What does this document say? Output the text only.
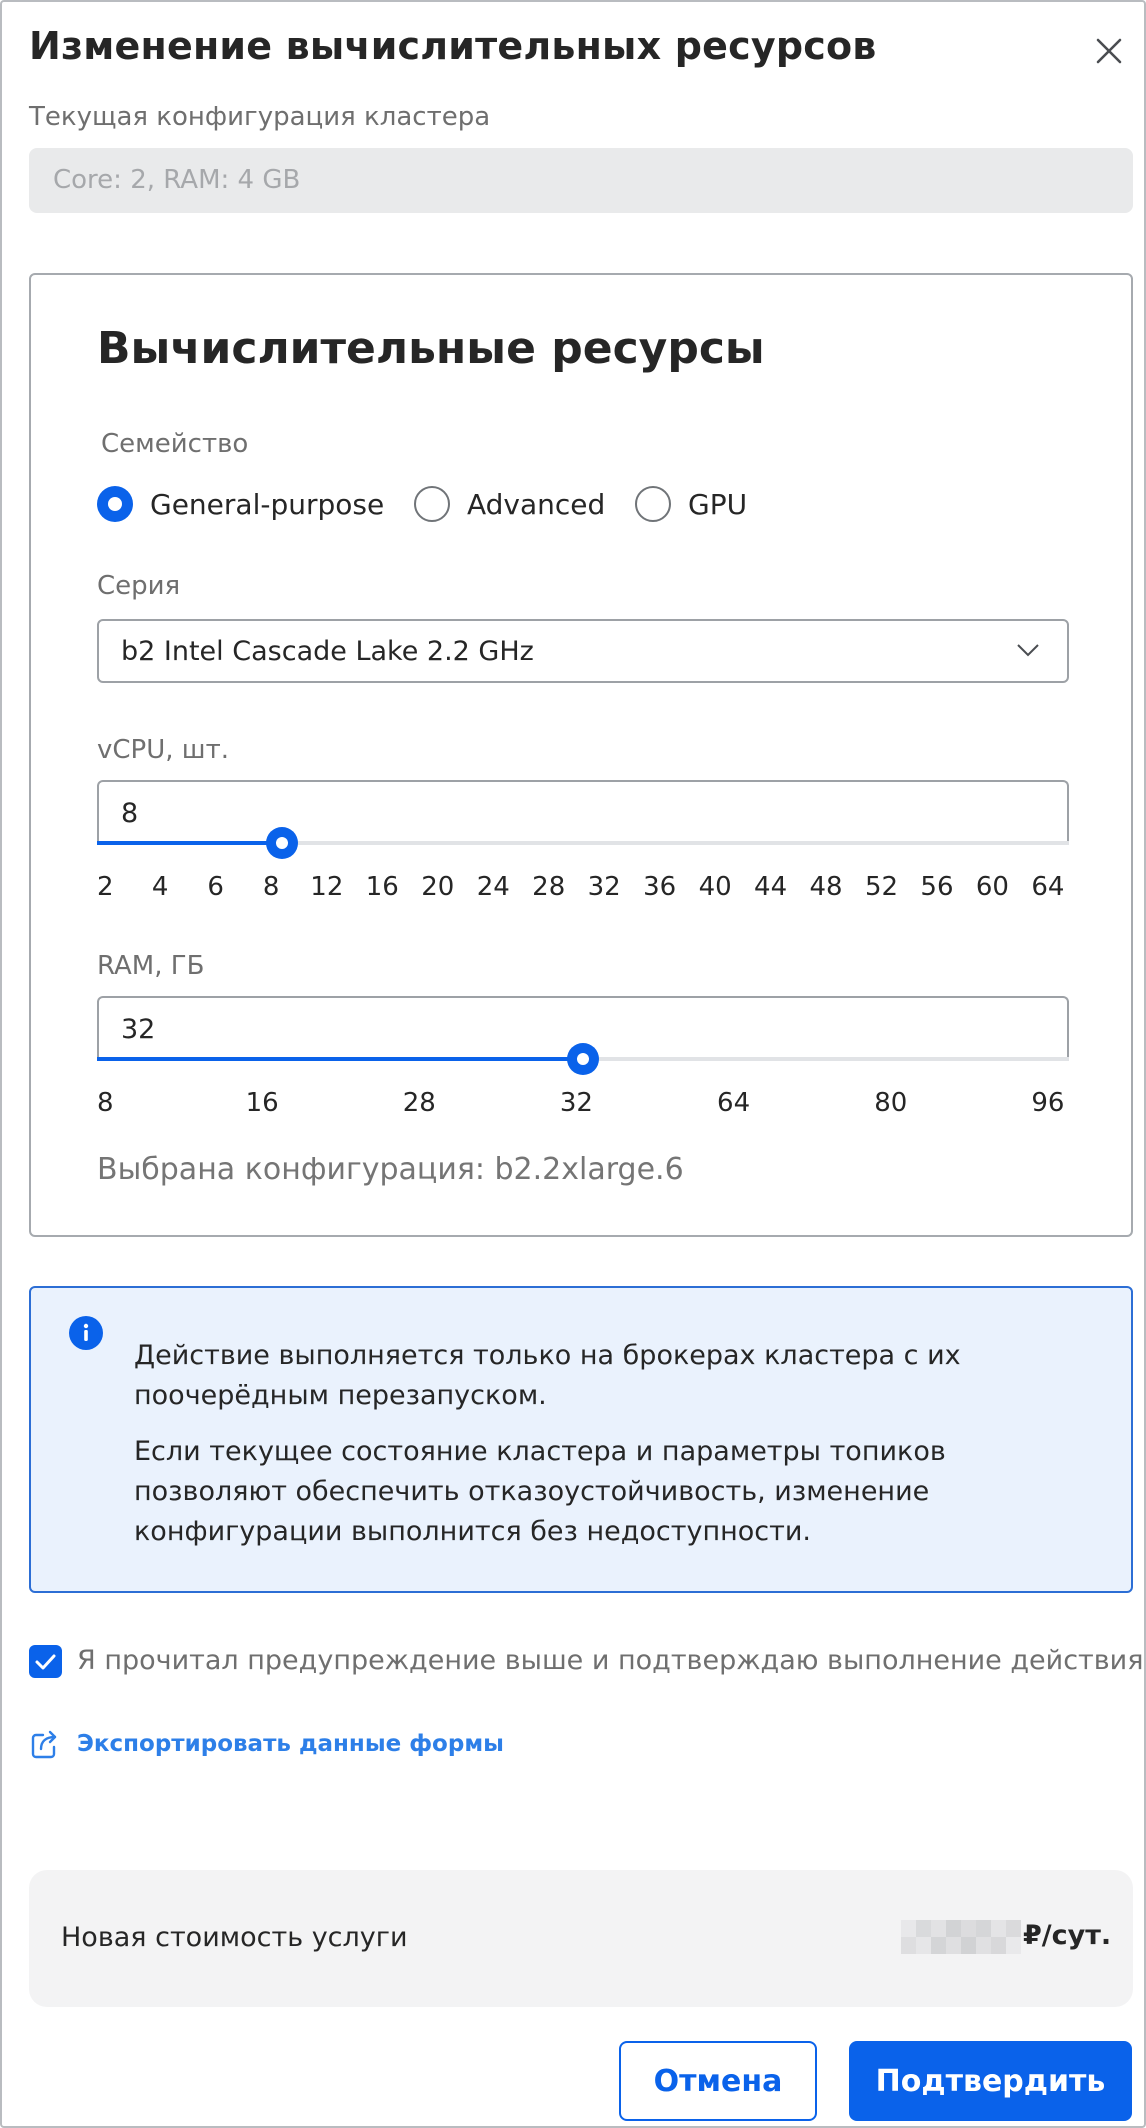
Изменение вычислительных ресурсов
Текущая конфигурация кластера
Core: 2, RAM: 4 GB
Вычислительные ресурсы
Семейство
General-purpose	Advanced	GPU
Серия
b2 Intel Cascade Lake 2.2 GHz
vCPU, шт.
8
2 4 6 8 12 16 20 24 28 32 36 40 44 48 52 56 60 64
RAM, ГБ
32
8	16	28	32	64	80	96
Выбрана конфигурация: b2.2xlarge.6
Действие выполняется только на брокерах кластера с их поочерёдным перезапуском.
Если текущее состояние кластера и параметры топиков позволяют обеспечить отказоустойчивость, изменение конфигурации выполнится без недоступности.
Я прочитал предупреждение выше и подтверждаю выполнение действия
Экспортировать данные формы
Новая стоимость услуги	₽/сут.
Отмена	Подтвердить
